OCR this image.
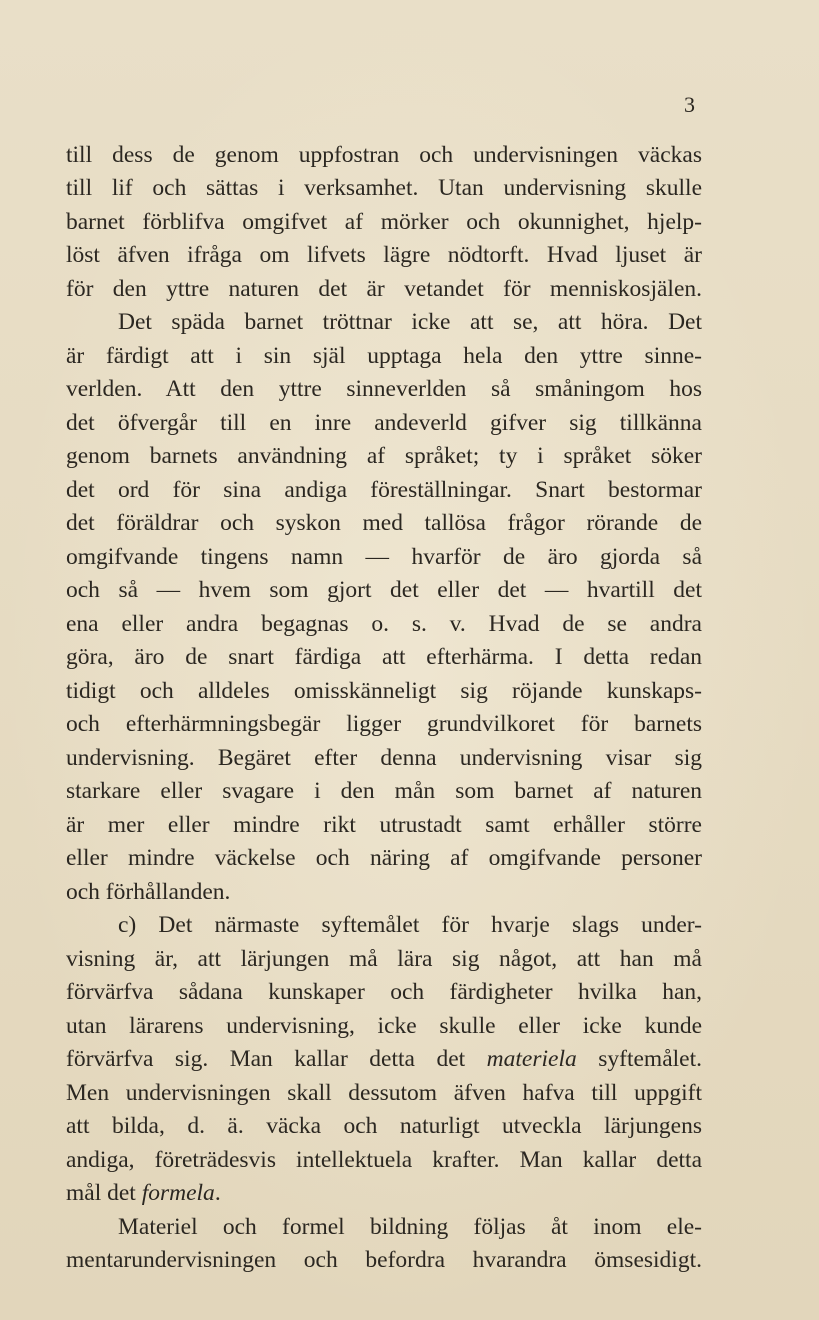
3
till dess de genom uppfostran och undervisningen väckas
till lif och sättas i verksamhet. Utan undervisning skulle
barnet förblifva omgifvet af mörker och okunnighet, hjelp-
löst äfven ifråga om lifvets lägre nödtorft. Hvad ljuset är
för den yttre naturen det är vetandet för menniskosjälen.
Det späda barnet tröttnar icke att se, att höra. Det
är färdigt att i sin själ upptaga hela den yttre sinne-
verlden. Att den yttre sinneverlden så småningom hos
det öfvergår till en inre andeverld gifver sig tillkänna
genom barnets användning af språket; ty i språket söker
det ord för sina andiga föreställningar. Snart bestormar
det föräldrar och syskon med tallösa frågor rörande de
omgifvande tingens namn — hvarför de äro gjorda så
och så — hvem som gjort det eller det — hvartill det
ena eller andra begagnas o. s. v. Hvad de se andra
göra, äro de snart färdiga att efterhärma. I detta redan
tidigt och alldeles omisskänneligt sig röjande kunskaps-
och efterhärmningsbegär ligger grundvilkoret för barnets
undervisning. Begäret efter denna undervisning visar sig
starkare eller svagare i den mån som barnet af naturen
är mer eller mindre rikt utrustadt samt erhåller större
eller mindre väckelse och näring af omgifvande personer
och förhållanden.
c) Det närmaste syftemålet för hvarje slags under-
visning är, att lärjungen må lära sig något, att han må
förvärfva sådana kunskaper och färdigheter hvilka han,
utan lärarens undervisning, icke skulle eller icke kunde
förvärfva sig. Man kallar detta det materiela syftemålet.
Men undervisningen skall dessutom äfven hafva till uppgift
att bilda, d. ä. väcka och naturligt utveckla lärjungens
andiga, företrädesvis intellektuela krafter. Man kallar detta
mål det formela.
Materiel och formel bildning följas åt inom ele-
mentarundervisningen och befordra hvarandra ömsesidigt.
